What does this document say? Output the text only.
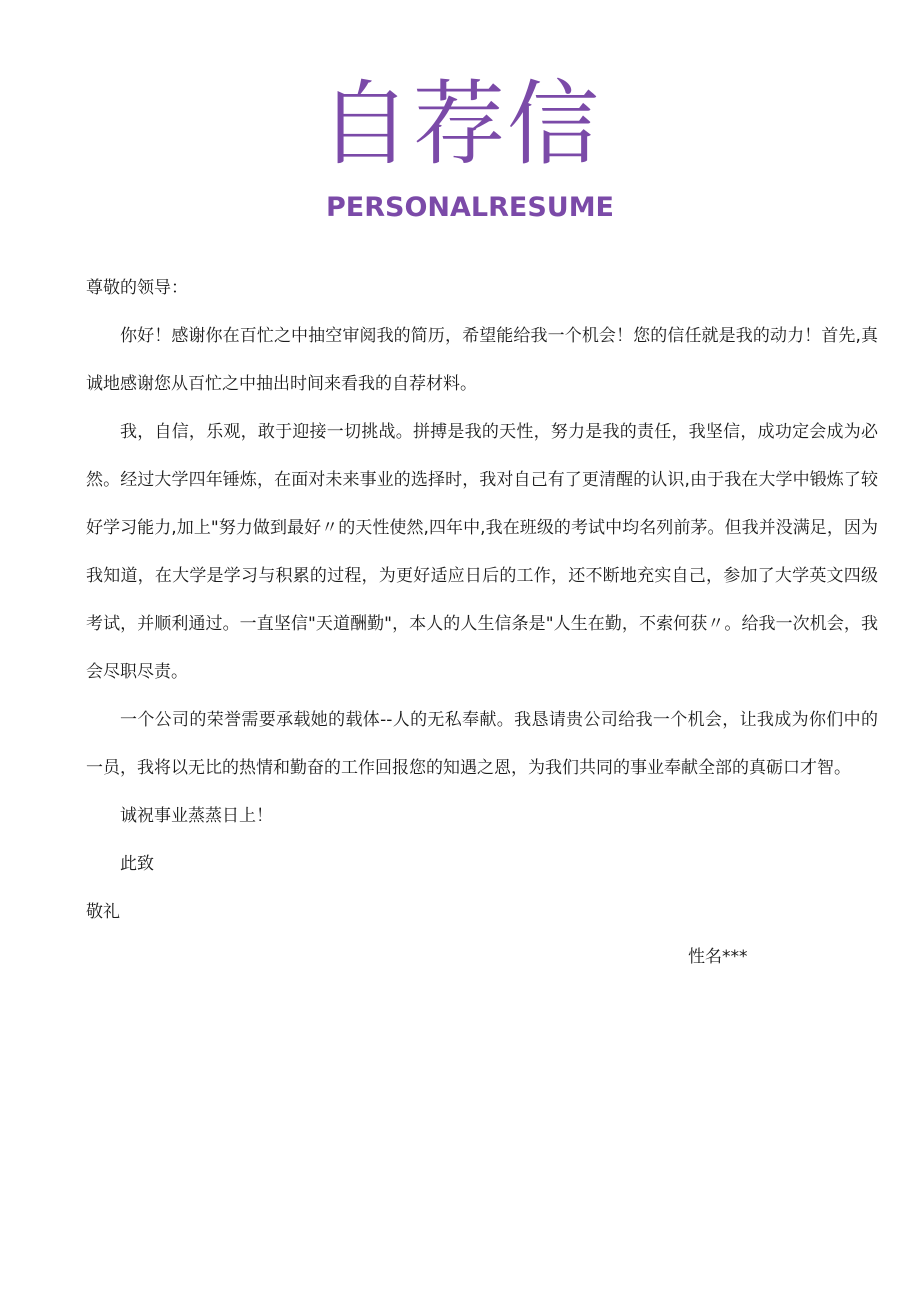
自荐信
PERSONALRESUME

尊敬的领导：

你好！感谢你在百忙之中抽空审阅我的简历，希望能给我一个机会！您的信任就是我的动力！首先,真诚地感谢您从百忙之中抽出时间来看我的自荐材料。

我，自信，乐观，敢于迎接一切挑战。拼搏是我的天性，努力是我的责任，我坚信，成功定会成为必然。经过大学四年锤炼，在面对未来事业的选择时，我对自己有了更清醒的认识,由于我在大学中锻炼了较好学习能力,加上"努力做到最好〃的天性使然,四年中,我在班级的考试中均名列前茅。但我并没满足，因为我知道，在大学是学习与积累的过程，为更好适应日后的工作，还不断地充实自己，参加了大学英文四级考试，并顺利通过。一直坚信"天道酬勤"，本人的人生信条是"人生在勤，不索何获〃。给我一次机会，我会尽职尽责。

一个公司的荣誉需要承载她的载体--人的无私奉献。我恳请贵公司给我一个机会，让我成为你们中的一员，我将以无比的热情和勤奋的工作回报您的知遇之恩，为我们共同的事业奉献全部的真砺口才智。

诚祝事业蒸蒸日上！

此致

敬礼

性名***
